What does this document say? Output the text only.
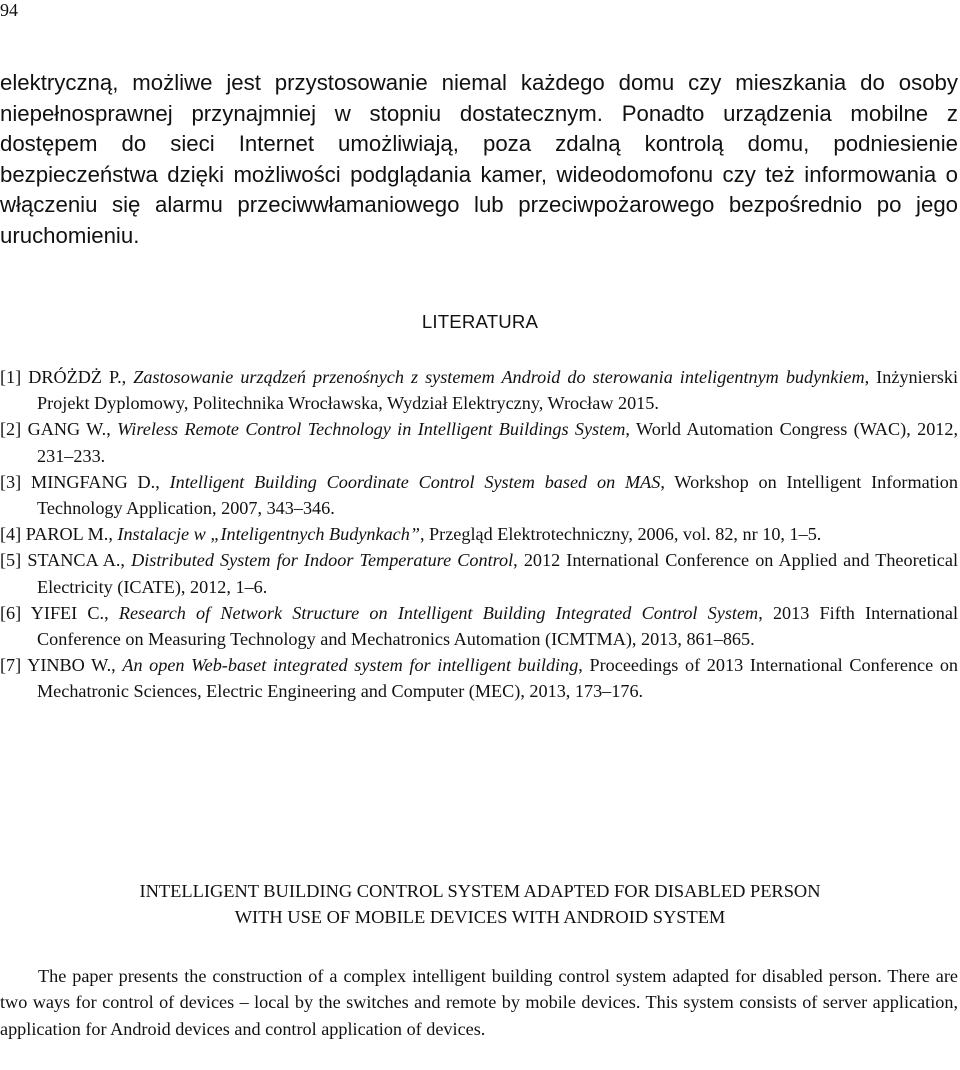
94

elektryczną, możliwe jest przystosowanie niemal każdego domu czy mieszkania do osoby niepełnosprawnej przynajmniej w stopniu dostatecznym. Ponadto urządzenia mobilne z dostępem do sieci Internet umożliwiają, poza zdalną kontrolą domu, podniesienie bezpieczeństwa dzięki możliwości podglądania kamer, wideodomofonu czy też informowania o włączeniu się alarmu przeciwwłamaniowego lub przeciwpożarowego bezpośrednio po jego uruchomieniu.

LITERATURA
[1] DRÓŻDŻ P., Zastosowanie urządzeń przenośnych z systemem Android do sterowania inteligentnym budynkiem, Inżynierski Projekt Dyplomowy, Politechnika Wrocławska, Wydział Elektryczny, Wrocław 2015.
[2] GANG W., Wireless Remote Control Technology in Intelligent Buildings System, World Automation Congress (WAC), 2012, 231–233.
[3] MINGFANG D., Intelligent Building Coordinate Control System based on MAS, Workshop on Intelligent Information Technology Application, 2007, 343–346.
[4] PAROL M., Instalacje w „Inteligentnych Budynkach”, Przegląd Elektrotechniczny, 2006, vol. 82, nr 10, 1–5.
[5] STANCA A., Distributed System for Indoor Temperature Control, 2012 International Conference on Applied and Theoretical Electricity (ICATE), 2012, 1–6.
[6] YIFEI C., Research of Network Structure on Intelligent Building Integrated Control System, 2013 Fifth International Conference on Measuring Technology and Mechatronics Automation (ICMTMA), 2013, 861–865.
[7] YINBO W., An open Web-baset integrated system for intelligent building, Proceedings of 2013 International Conference on Mechatronic Sciences, Electric Engineering and Computer (MEC), 2013, 173–176.
INTELLIGENT BUILDING CONTROL SYSTEM ADAPTED FOR DISABLED PERSON
WITH USE OF MOBILE DEVICES WITH ANDROID SYSTEM

The paper presents the construction of a complex intelligent building control system adapted for disabled person. There are two ways for control of devices – local by the switches and remote by mobile devices. This system consists of server application, application for Android devices and control application of devices.
